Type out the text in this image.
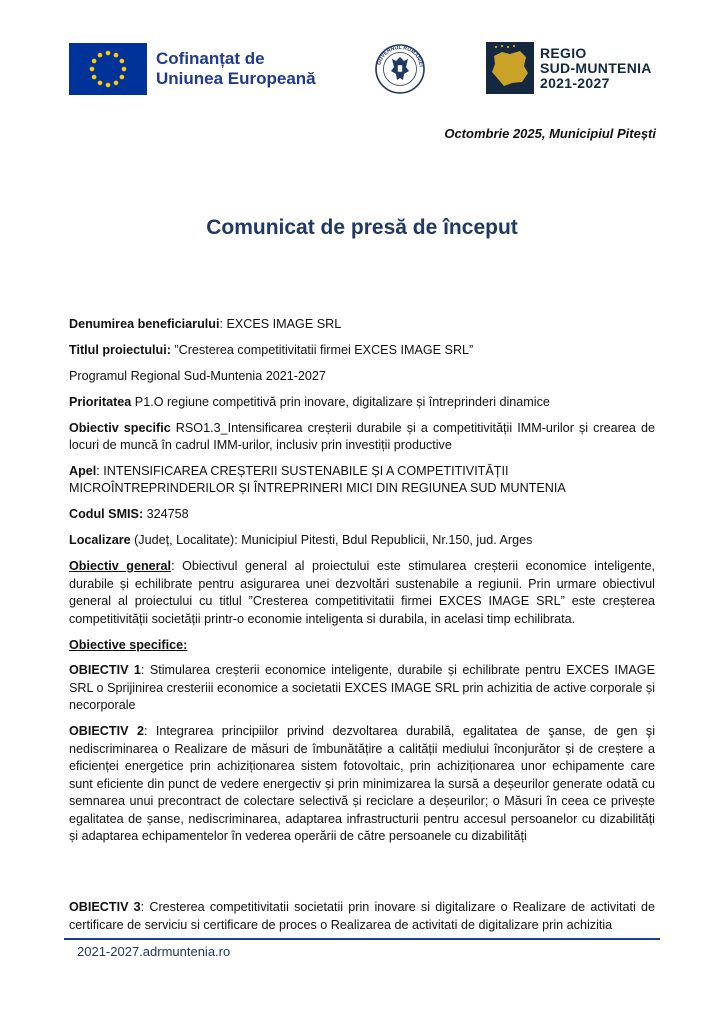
Cofinanțat de
Uniunea Europeană
GUVERNUL ROMÂNIEI
REGIO
SUD-MUNTENIA
2021-2027
Octombrie 2025, Municipiul Pitești
Comunicat de presă de început

Denumirea beneficiarului: EXCES IMAGE SRL

Titlul proiectului: ”Cresterea competitivitatii firmei EXCES IMAGE SRL”

Programul Regional Sud-Muntenia 2021-2027

Prioritatea P1.O regiune competitivă prin inovare, digitalizare și întreprinderi dinamice

Obiectiv specific RSO1.3_Intensificarea creșterii durabile și a competitivității IMM-urilor și crearea de locuri de muncă în cadrul IMM-urilor, inclusiv prin investiții productive

Apel: INTENSIFICAREA CREȘTERII SUSTENABILE ȘI A COMPETITIVITĂȚII MICROÎNTREPRINDERILOR ȘI ÎNTREPRINERI MICI DIN REGIUNEA SUD MUNTENIA

Codul SMIS: 324758

Localizare (Județ, Localitate): Municipiul Pitesti, Bdul Republicii, Nr.150, jud. Arges

Obiectiv general: Obiectivul general al proiectului este stimularea creșterii economice inteligente, durabile și echilibrate pentru asigurarea unei dezvoltări sustenabile a regiunii. Prin urmare obiectivul general al proiectului cu titlul ”Cresterea competitivitatii firmei EXCES IMAGE SRL” este creșterea competitivității societății printr-o economie inteligenta si durabila, in acelasi timp echilibrata.

Obiective specifice:

OBIECTIV 1: Stimularea creșterii economice inteligente, durabile și echilibrate pentru EXCES IMAGE SRL o Sprijinirea cresteriii economice a societatii EXCES IMAGE SRL prin achizitia de active corporale și necorporale

OBIECTIV 2: Integrarea principiilor privind dezvoltarea durabilă, egalitatea de şanse, de gen şi nediscriminarea o Realizare de măsuri de îmbunătățire a calității mediului înconjurător și de creștere a eficienței energetice prin achiziționarea sistem fotovoltaic, prin achiziționarea unor echipamente care sunt eficiente din punct de vedere energectiv și prin minimizarea la sursă a deșeurilor generate odată cu semnarea unui precontract de colectare selectivă și reciclare a deșeurilor; o Măsuri în ceea ce privește egalitatea de șanse, nediscriminarea, adaptarea infrastructurii pentru accesul persoanelor cu dizabilități și adaptarea echipamentelor în vederea operării de către persoanele cu dizabilități

OBIECTIV 3: Cresterea competitivitatii societatii prin inovare si digitalizare o Realizare de activitati de certificare de serviciu si certificare de proces o Realizarea de activitati de digitalizare prin achizitia
2021-2027.adrmuntenia.ro
